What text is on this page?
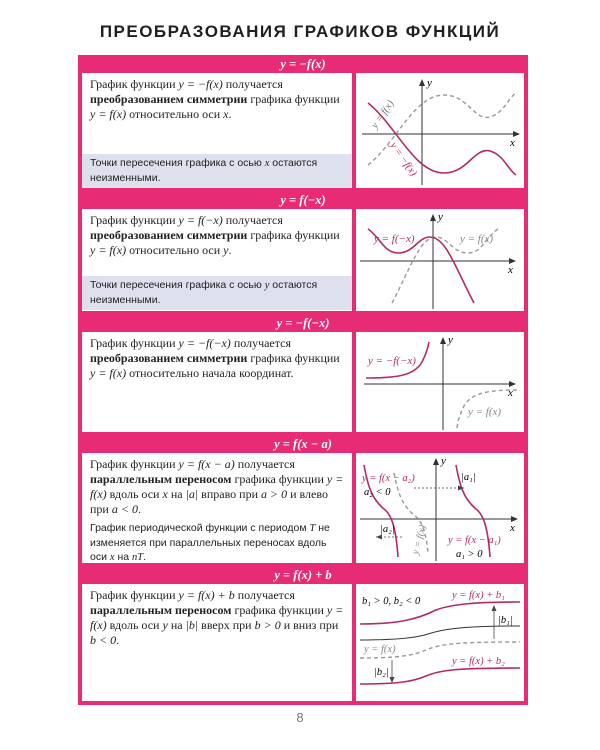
ПРЕОБРАЗОВАНИЯ ГРАФИКОВ ФУНКЦИЙ
y = −f(x)
График функции y = −f(x) получается преобразованием симметрии графика функции y = f(x) относительно оси x.
Точки пересечения графика с осью x остаются неизменными.
y
x
y = f(x)
y = −f(x)
y = f(−x)
График функции y = f(−x) получается преобразованием симметрии графика функции y = f(x) относительно оси y.
Точки пересечения графика с осью y остаются неизменными.
y
x
y = f(−x)	y = f(x)
y = −f(−x)
График функции y = −f(−x) получается преобразованием симметрии графика функции y = f(x) относительно начала координат.
y
x
y = −f(−x)
y = f(x)
y = f(x − a)
График функции y = f(x − a) получается параллельным переносом графика функции y = f(x) вдоль оси x на |a| вправо при a > 0 и влево при a < 0.
График периодической функции с периодом T не изменяется при параллельных переносах вдоль оси x на nT.
y
x
y = f(x − a₂)
a₂ < 0
|a₁|
|a₂| y = f(x) y = f(x − a₁)
a₁ > 0
y = f(x) + b
График функции y = f(x) + b получается параллельным переносом графика функции y = f(x) вдоль оси y на |b| вверх при b > 0 и вниз при b < 0.
b₁ > 0, b₂ < 0
y = f(x) + b₁
|b₁|
y = f(x)
|b₂|
y = f(x) + b₂
8
